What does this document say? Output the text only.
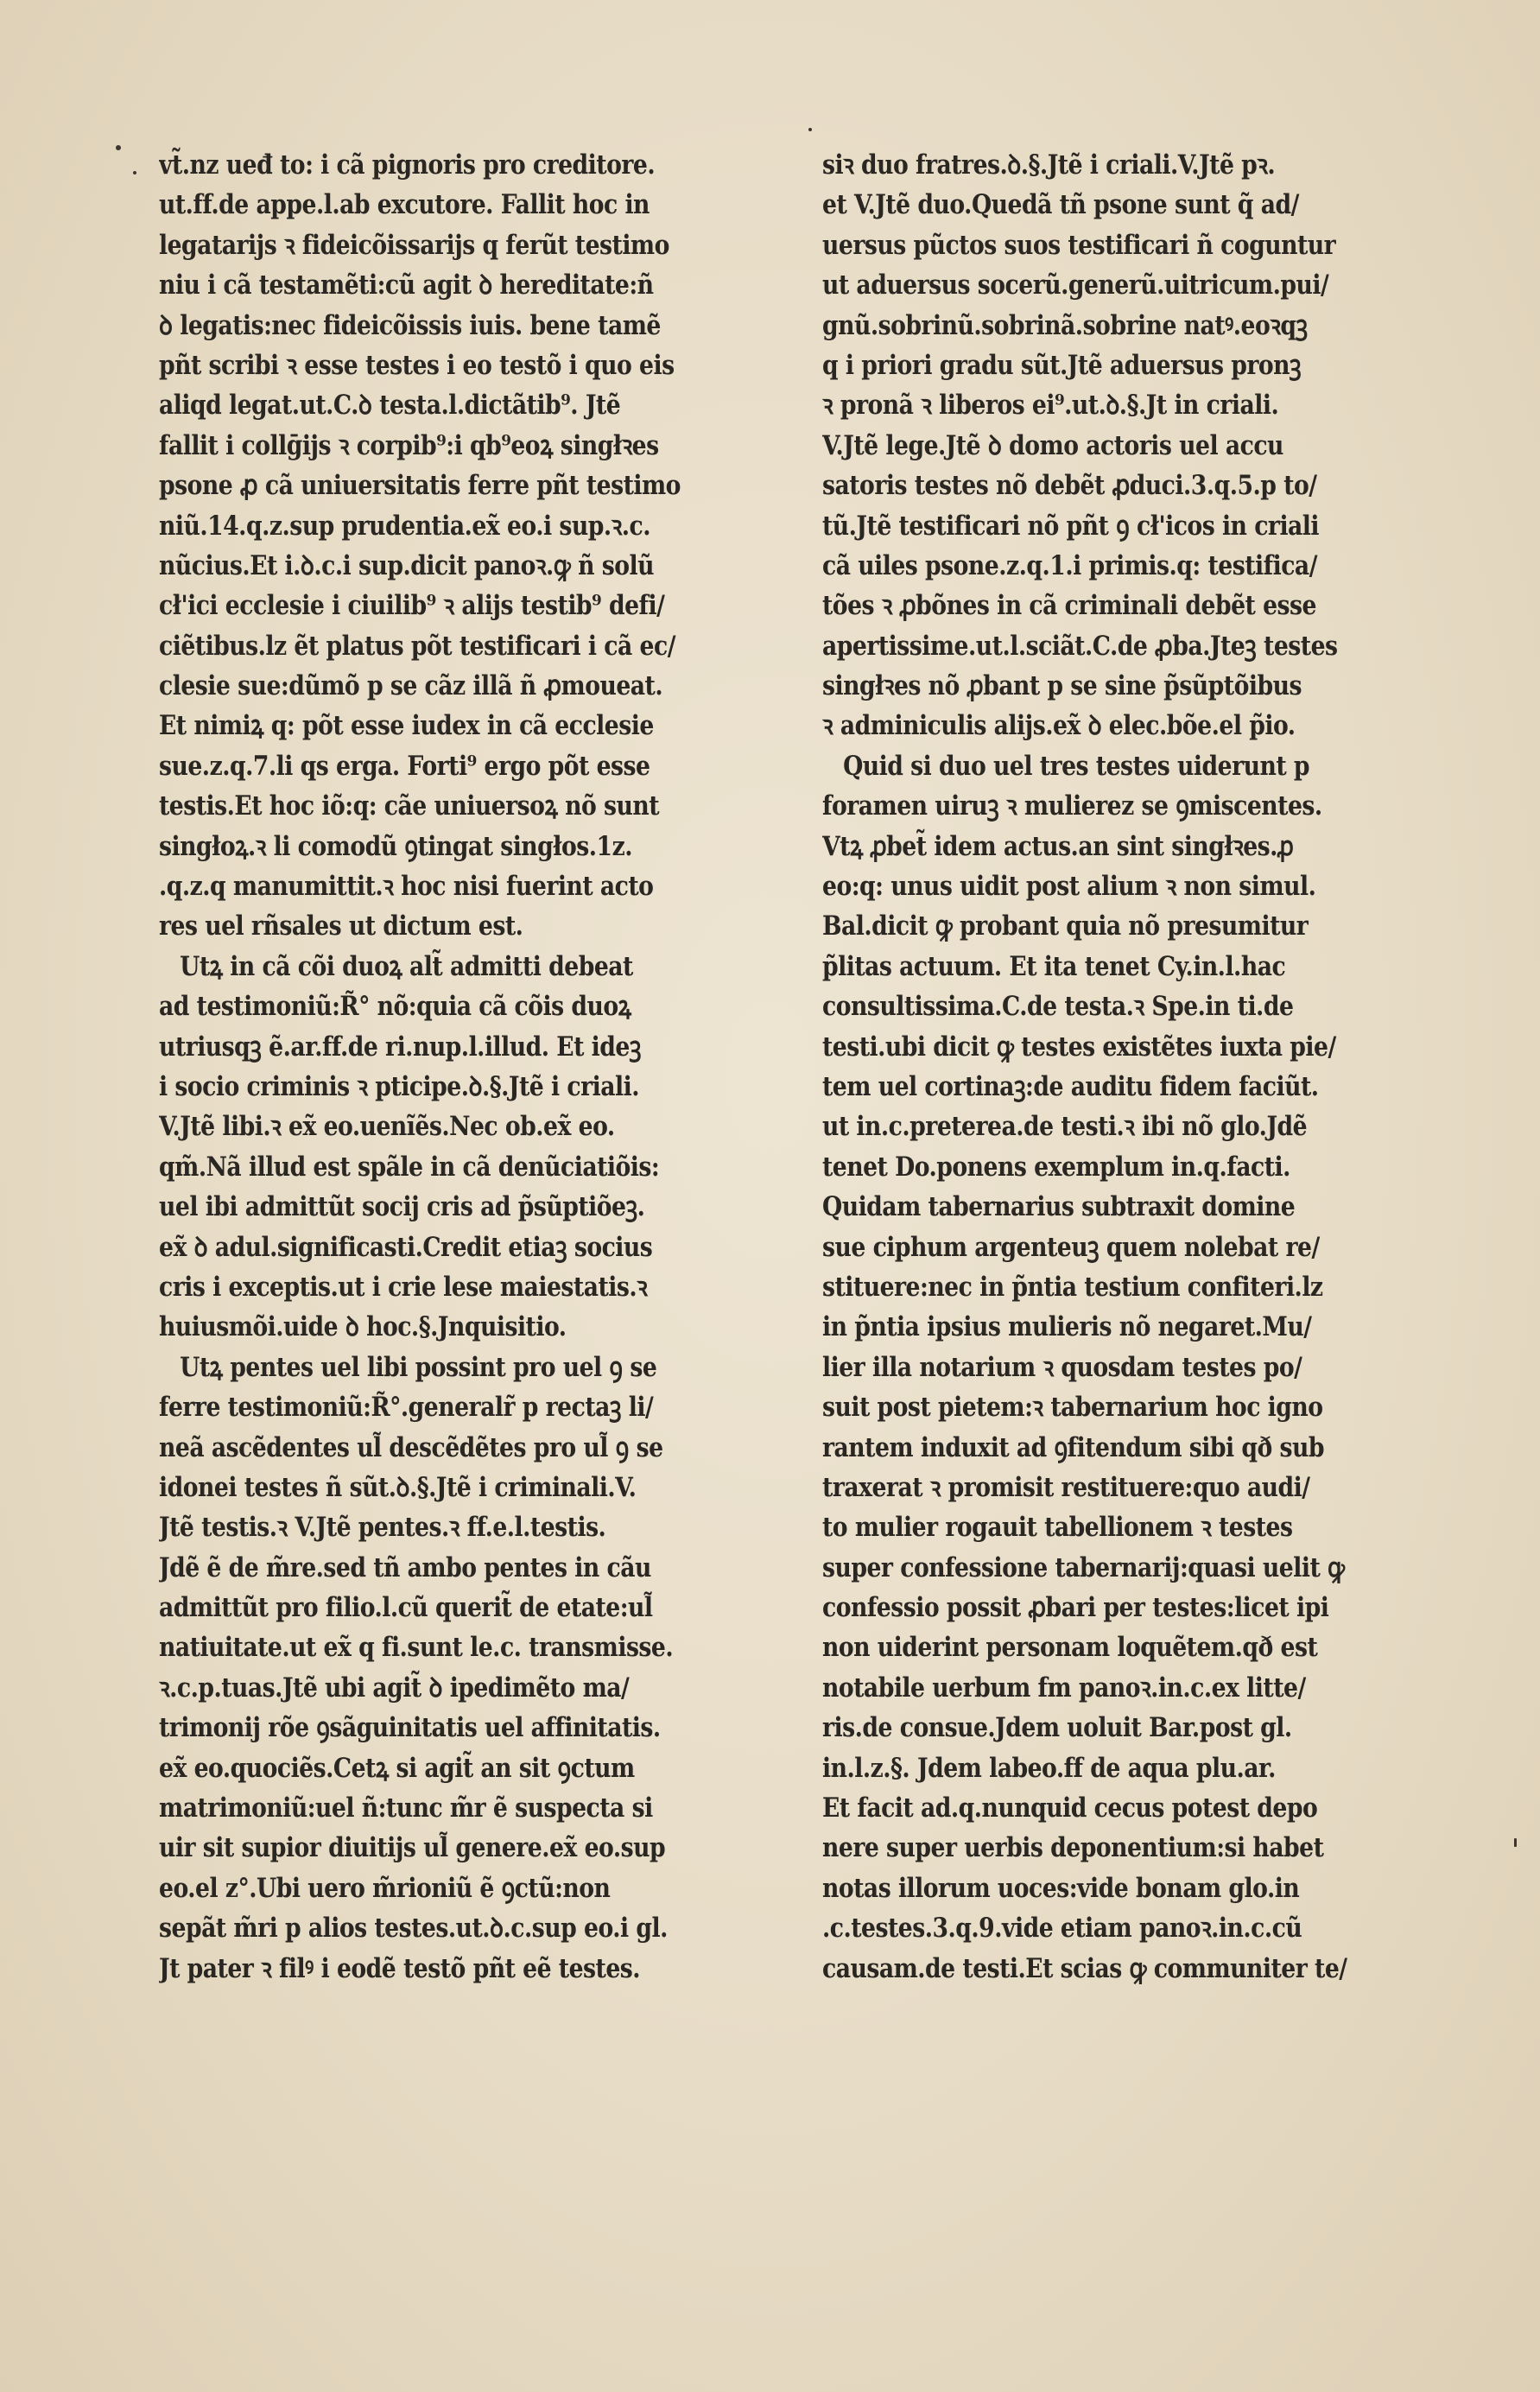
vt̃.nz ueđ to: i cã pignoris pro creditore.
ut.ff.de appe.l.ab excutore. Fallit hoc in
legatarijs ꝛ fideicõissarijs q ferũt testimo
niu i cã testamẽti:cũ agit ꝺ hereditate:ñ
ꝺ legatis:nec fideicõissis iuis. bene tamẽ
pñt scribi ꝛ esse testes i eo testõ i quo eis
aliqd legat.ut.C.ꝺ testa.l.dictãtib⁹. Jtẽ
fallit i collḡijs ꝛ corpib⁹:i qb⁹eoꝝ singłꝛes
psone ꝓ cã uniuersitatis ferre pñt testimo
niũ.14.q.z.sup prudentia.ex̃ eo.i sup.ꝛ.c.
nũcius.Et i.ꝺ.c.i sup.dicit panoꝛ.ꝙ ñ solũ
cł'ici ecclesie i ciuilib⁹ ꝛ alijs testib⁹ defi/
ciẽtibus.lz ẽt platus põt testificari i cã ec/
clesie sue:dũmõ p se cãz illã ñ ꝓmoueat.
Et nimiꝝ q: põt esse iudex in cã ecclesie
sue.z.q.7.li qs erga. Forti⁹ ergo põt esse
testis.Et hoc iõ:q: cãe uniuersoꝝ nõ sunt
singłoꝝ.ꝛ li comodũ ꝯtingat singłos.1z.
.q.z.q manumittit.ꝛ hoc nisi fuerint acto
res uel rñsales ut dictum est.
Utꝝ in cã cõi duoꝝ alt̃ admitti debeat
ad testimoniũ:R̃° nõ:quia cã cõis duoꝝ
utriusqꝫ ẽ.ar.ff.de ri.nup.l.illud. Et ideꝫ
i socio criminis ꝛ pticipe.ꝺ.§.Jtẽ i criali.
V.Jtẽ libi.ꝛ ex̃ eo.uenĩẽs.Nec ob.ex̃ eo.
qm̃.Nã illud est spãle in cã denũciatiõis:
uel ibi admittũt socij cris ad p̃sũptiõeꝫ.
ex̃ ꝺ adul.significasti.Credit etiaꝫ socius
cris i exceptis.ut i crie lese maiestatis.ꝛ
huiusmõi.uide ꝺ hoc.§.Jnquisitio.
Utꝝ pentes uel libi possint pro uel ꝯ se
ferre testimoniũ:R̃°.generalr̃ p rectaꝫ li/
neã ascẽdentes ul̃ descẽdẽtes pro ul̃ ꝯ se
idonei testes ñ sũt.ꝺ.§.Jtẽ i criminali.V.
Jtẽ testis.ꝛ V.Jtẽ pentes.ꝛ ff.e.l.testis.
Jdẽ ẽ de m̃re.sed tñ ambo pentes in cãu
admittũt pro filio.l.cũ querit̃ de etate:ul̃
natiuitate.ut ex̃ q fi.sunt le.c. transmisse.
ꝛ.c.p.tuas.Jtẽ ubi agit̃ ꝺ ipedimẽto ma/
trimonij rõe ꝯsãguinitatis uel affinitatis.
ex̃ eo.quociẽs.Cetꝝ si agit̃ an sit ꝯctum
matrimoniũ:uel ñ:tunc m̃r ẽ suspecta si
uir sit supior diuitijs ul̃ genere.ex̃ eo.sup
eo.el z°.Ubi uero m̃rioniũ ẽ ꝯctũ:non
sepãt m̃ri p alios testes.ut.ꝺ.c.sup eo.i gl.
Jt pater ꝛ filꝰ i eodẽ testõ pñt eẽ testes.
siꝛ duo fratres.ꝺ.§.Jtẽ i criali.V.Jtẽ pꝛ.
et V.Jtẽ duo.Quedã tñ psone sunt q̃ ad/
uersus pũctos suos testificari ñ coguntur
ut aduersus socerũ.generũ.uitricum.pui/
gnũ.sobrinũ.sobrinã.sobrine natꝰ.eoꝛqꝫ
q i priori gradu sũt.Jtẽ aduersus pronꝫ
ꝛ pronã ꝛ liberos ei⁹.ut.ꝺ.§.Jt in criali.
V.Jtẽ lege.Jtẽ ꝺ domo actoris uel accu
satoris testes nõ debẽt ꝓduci.3.q.5.p to/
tũ.Jtẽ testificari nõ pñt ꝯ cł'icos in criali
cã uiles psone.z.q.1.i primis.q: testifica/
tões ꝛ ꝓbõnes in cã criminali debẽt esse
apertissime.ut.l.sciãt.C.de ꝓba.Jteꝫ testes
singłꝛes nõ ꝓbant p se sine p̃sũptõibus
ꝛ adminiculis alijs.ex̃ ꝺ elec.bõe.el p̃io.
Quid si duo uel tres testes uiderunt p
foramen uiruꝫ ꝛ mulierez se ꝯmiscentes.
Vtꝝ ꝓbet̃ idem actus.an sint singłꝛes.ꝓ
eo:q: unus uidit post alium ꝛ non simul.
Bal.dicit ꝙ probant quia nõ presumitur
p̃litas actuum. Et ita tenet Cy.in.l.hac
consultissima.C.de testa.ꝛ Spe.in ti.de
testi.ubi dicit ꝙ testes existẽtes iuxta pie/
tem uel cortinaꝫ:de auditu fidem faciũt.
ut in.c.preterea.de testi.ꝛ ibi nõ glo.Jdẽ
tenet Do.ponens exemplum in.q.facti.
Quidam tabernarius subtraxit domine
sue ciphum argenteuꝫ quem nolebat re/
stituere:nec in p̃ntia testium confiteri.lz
in p̃ntia ipsius mulieris nõ negaret.Mu/
lier illa notarium ꝛ quosdam testes po/
suit post pietem:ꝛ tabernarium hoc igno
rantem induxit ad ꝯfitendum sibi qð sub
traxerat ꝛ promisit restituere:quo audi/
to mulier rogauit tabellionem ꝛ testes
super confessione tabernarij:quasi uelit ꝙ
confessio possit ꝓbari per testes:licet ipi
non uiderint personam loquẽtem.qð est
notabile uerbum fm panoꝛ.in.c.ex litte/
ris.de consue.Jdem uoluit Bar.post gl.
in.l.z.§. Jdem labeo.ff de aqua plu.ar.
Et facit ad.q.nunquid cecus potest depo
nere super uerbis deponentium:si habet
notas illorum uoces:vide bonam glo.in
.c.testes.3.q.9.vide etiam panoꝛ.in.c.cũ
causam.de testi.Et scias ꝙ communiter te/
